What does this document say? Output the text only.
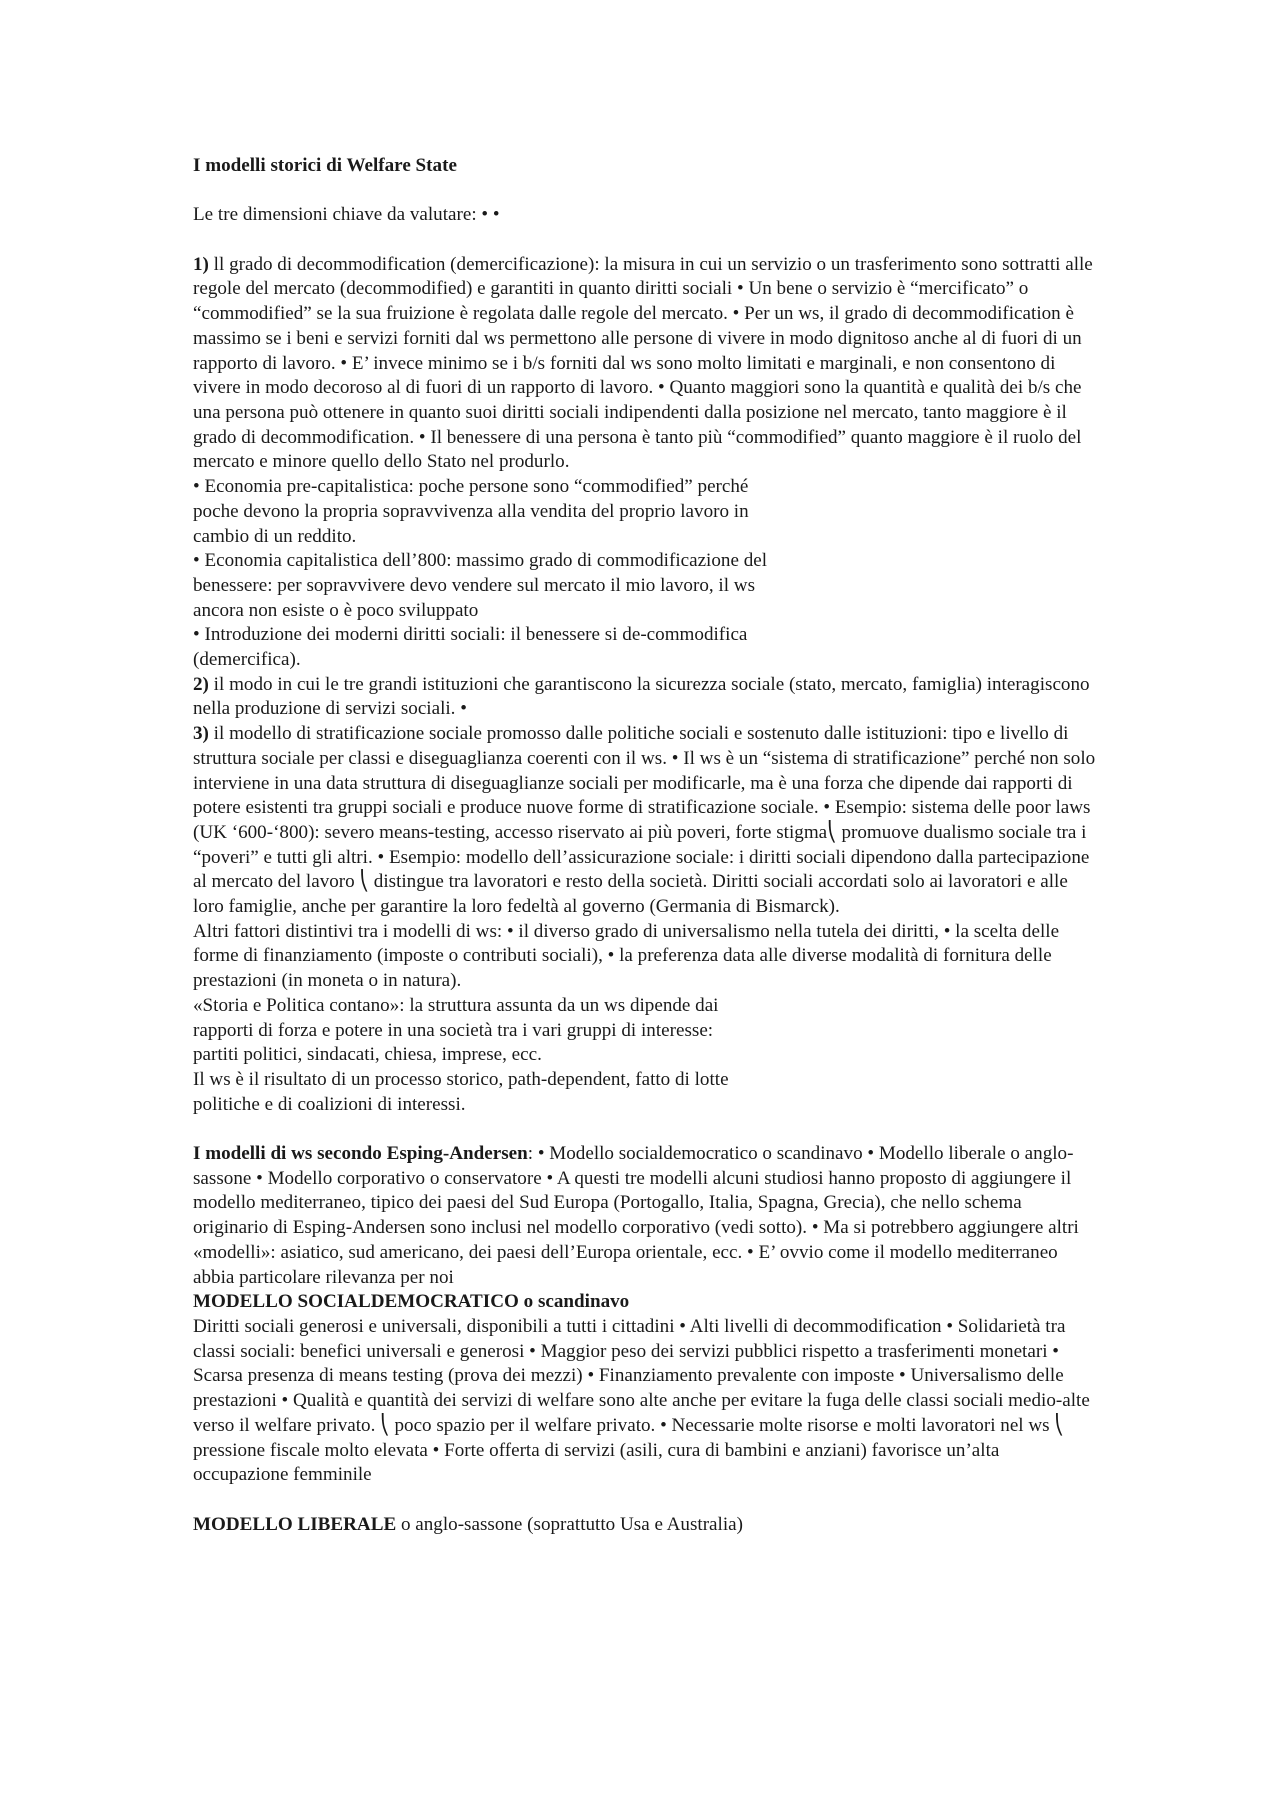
I modelli storici di Welfare State

Le tre dimensioni chiave da valutare: • •

1) ll grado di decommodification (demercificazione): la misura in cui un servizio o un trasferimento sono sottratti alle regole del mercato (decommodified) e garantiti in quanto diritti sociali • Un bene o servizio è “mercificato” o “commodified” se la sua fruizione è regolata dalle regole del mercato. • Per un ws, il grado di decommodification è massimo se i beni e servizi forniti dal ws permettono alle persone di vivere in modo dignitoso anche al di fuori di un rapporto di lavoro. • E’ invece minimo se i b/s forniti dal ws sono molto limitati e marginali, e non consentono di vivere in modo decoroso al di fuori di un rapporto di lavoro. • Quanto maggiori sono la quantità e qualità dei b/s che una persona può ottenere in quanto suoi diritti sociali indipendenti dalla posizione nel mercato, tanto maggiore è il grado di decommodification. • Il benessere di una persona è tanto più “commodified” quanto maggiore è il ruolo del mercato e minore quello dello Stato nel produrlo.

• Economia pre-capitalistica: poche persone sono “commodified” perché

poche devono la propria sopravvivenza alla vendita del proprio lavoro in

cambio di un reddito.

• Economia capitalistica dell’800: massimo grado di commodificazione del

benessere: per sopravvivere devo vendere sul mercato il mio lavoro, il ws

ancora non esiste o è poco sviluppato

• Introduzione dei moderni diritti sociali: il benessere si de-commodifica

(demercifica).

2) il modo in cui le tre grandi istituzioni che garantiscono la sicurezza sociale (stato, mercato, famiglia) interagiscono nella produzione di servizi sociali. •

3) il modello di stratificazione sociale promosso dalle politiche sociali e sostenuto dalle istituzioni: tipo e livello di struttura sociale per classi e diseguaglianza coerenti con il ws. • Il ws è un “sistema di stratificazione” perché non solo interviene in una data struttura di diseguaglianze sociali per modificarle, ma è una forza che dipende dai rapporti di potere esistenti tra gruppi sociali e produce nuove forme di stratificazione sociale. • Esempio: sistema delle poor laws (UK ‘600-‘800): severo means-testing, accesso riservato ai più poveri, forte stigma⎝ promuove dualismo sociale tra i “poveri” e tutti gli altri. • Esempio: modello dell’assicurazione sociale: i diritti sociali dipendono dalla partecipazione al mercato del lavoro ⎝ distingue tra lavoratori e resto della società. Diritti sociali accordati solo ai lavoratori e alle loro famiglie, anche per garantire la loro fedeltà al governo (Germania di Bismarck).

Altri fattori distintivi tra i modelli di ws: • il diverso grado di universalismo nella tutela dei diritti, • la scelta delle forme di finanziamento (imposte o contributi sociali), • la preferenza data alle diverse modalità di fornitura delle prestazioni (in moneta o in natura).

«Storia e Politica contano»: la struttura assunta da un ws dipende dai

rapporti di forza e potere in una società tra i vari gruppi di interesse:

partiti politici, sindacati, chiesa, imprese, ecc.

Il ws è il risultato di un processo storico, path-dependent, fatto di lotte

politiche e di coalizioni di interessi.

I modelli di ws secondo Esping-Andersen: • Modello socialdemocratico o scandinavo • Modello liberale o anglo-sassone • Modello corporativo o conservatore • A questi tre modelli alcuni studiosi hanno proposto di aggiungere il modello mediterraneo, tipico dei paesi del Sud Europa (Portogallo, Italia, Spagna, Grecia), che nello schema originario di Esping-Andersen sono inclusi nel modello corporativo (vedi sotto). • Ma si potrebbero aggiungere altri «modelli»: asiatico, sud americano, dei paesi dell’Europa orientale, ecc. • E’ ovvio come il modello mediterraneo abbia particolare rilevanza per noi

MODELLO SOCIALDEMOCRATICO o scandinavo

Diritti sociali generosi e universali, disponibili a tutti i cittadini • Alti livelli di decommodification • Solidarietà tra classi sociali: benefici universali e generosi • Maggior peso dei servizi pubblici rispetto a trasferimenti monetari • Scarsa presenza di means testing (prova dei mezzi) • Finanziamento prevalente con imposte • Universalismo delle prestazioni • Qualità e quantità dei servizi di welfare sono alte anche per evitare la fuga delle classi sociali medio-alte verso il welfare privato. ⎝ poco spazio per il welfare privato. • Necessarie molte risorse e molti lavoratori nel ws ⎝ pressione fiscale molto elevata • Forte offerta di servizi (asili, cura di bambini e anziani) favorisce un’alta occupazione femminile

MODELLO LIBERALE o anglo-sassone (soprattutto Usa e Australia)
